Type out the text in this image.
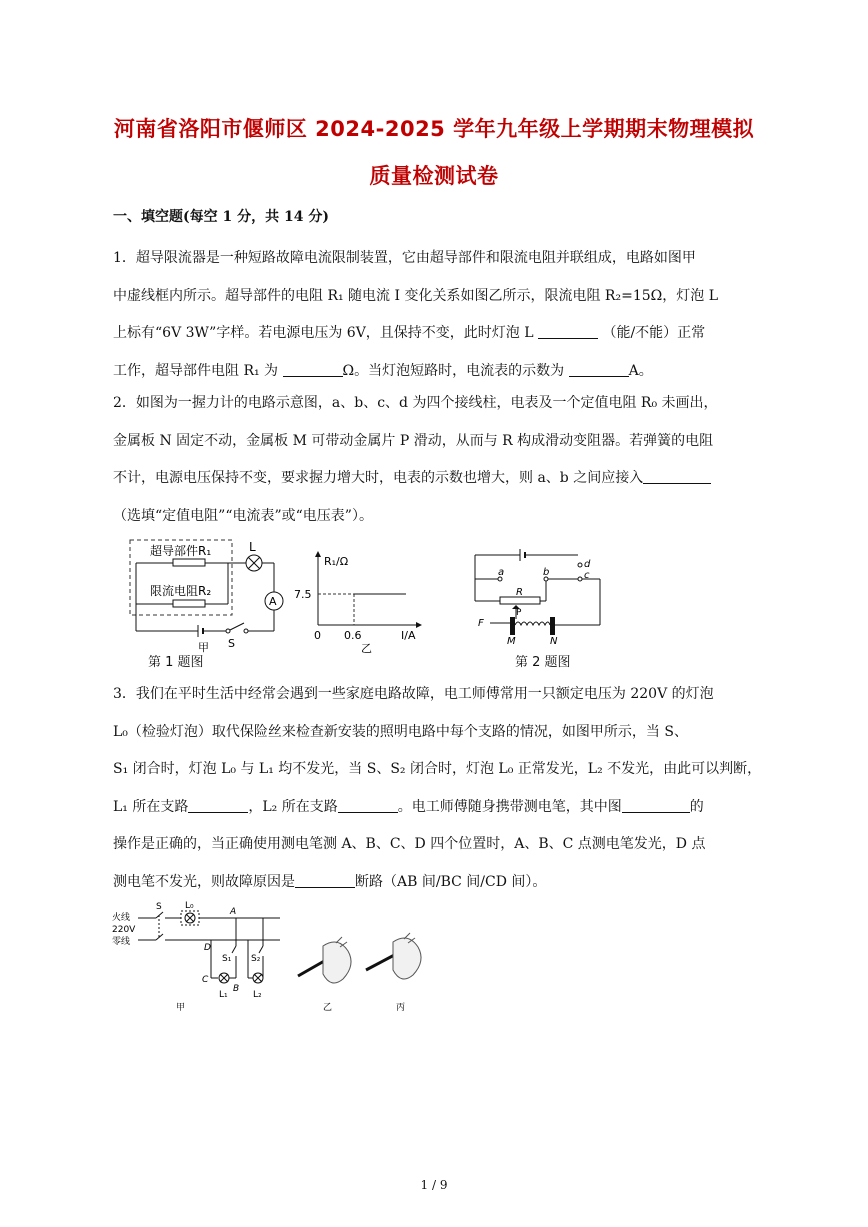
河南省洛阳市偃师区 2024-2025 学年九年级上学期期末物理模拟
质量检测试卷
一、填空题(每空 1 分，共 14 分)
1．超导限流器是一种短路故障电流限制装置，它由超导部件和限流电阻并联组成，电路如图甲
中虚线框内所示。超导部件的电阻 R₁ 随电流 I 变化关系如图乙所示，限流电阻 R₂=15Ω，灯泡 L
上标有“6V 3W”字样。若电源电压为 6V，且保持不变，此时灯泡 L	（能/不能）正常
工作，超导部件电阻 R₁ 为	Ω。当灯泡短路时，电流表的示数为	A。
2．如图为一握力计的电路示意图，a、b、c、d 为四个接线柱，电表及一个定值电阻 R₀ 未画出，
金属板 N 固定不动，金属板 M 可带动金属片 P 滑动，从而与 R 构成滑动变阻器。若弹簧的电阻
不计，电源电压保持不变，要求握力增大时，电表的示数也增大，则 a、b 之间应接入
（选填“定值电阻”“电流表”或“电压表”）。
超导部件R₁
限流电阻R₂
L
A
S
甲
R₁/Ω
I/A
7.5
0 0.6
乙
第 1 题图
d
a	b	c
R
P
F
M	N
第 2 题图
3．我们在平时生活中经常会遇到一些家庭电路故障，电工师傅常用一只额定电压为 220V 的灯泡
L₀（检验灯泡）取代保险丝来检查新安装的照明电路中每个支路的情况，如图甲所示，当 S、
S₁ 闭合时，灯泡 L₀ 与 L₁ 均不发光，当 S、S₂ 闭合时，灯泡 L₀ 正常发光，L₂ 不发光，由此可以判断，
L₁ 所在支路	，L₂ 所在支路	。电工师傅随身携带测电笔，其中图	的
操作是正确的，当正确使用测电笔测 A、B、C、D 四个位置时，A、B、C 点测电笔发光，D 点
测电笔不发光，则故障原因是	断路（AB 间/BC 间/CD 间）。
火线
220V
零线
S	L₀
A
D
S₁ S₂
C
B
L₁	L₂
甲	乙	丙
1 / 9
